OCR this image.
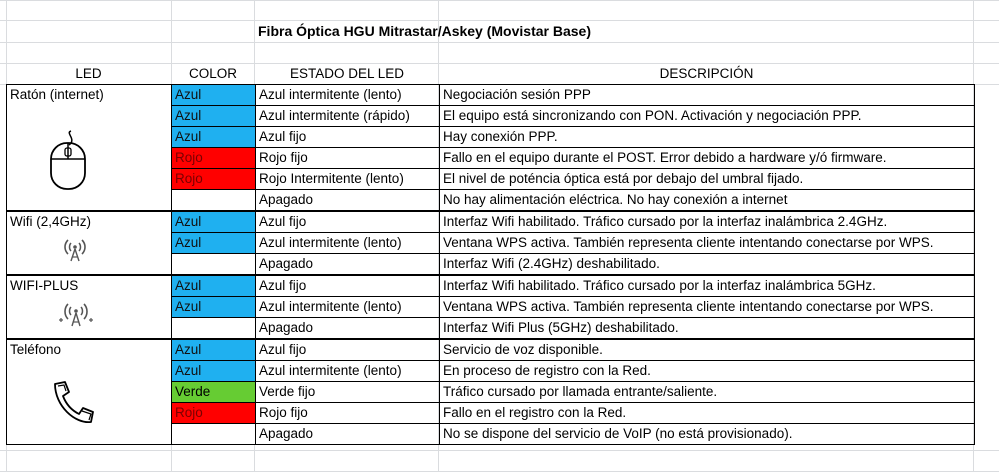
Fibra Óptica HGU Mitrastar/Askey (Movistar Base)
LED	COLOR	ESTADO DEL LED	DESCRIPCIÓN
Ratón (internet)	Azul	Azul intermitente (lento)	Negociación sesión PPP
	Azul	Azul intermitente (rápido)	El equipo está sincronizando con PON. Activación y negociación PPP.
	Azul	Azul fijo	Hay conexión PPP.
	Rojo	Rojo fijo	Fallo en el equipo durante el POST. Error debido a hardware y/ó firmware.
	Rojo	Rojo Intermitente (lento)	El nivel de poténcia óptica está por debajo del umbral fijado.
		Apagado	No hay alimentación eléctrica. No hay conexión a internet

Wifi (2,4GHz)	Azul	Azul fijo	Interfaz Wifi habilitado. Tráfico cursado por la interfaz inalámbrica 2.4GHz.
	Azul	Azul intermitente (lento)	Ventana WPS activa. También representa cliente intentando conectarse por WPS.
		Apagado	Interfaz Wifi (2.4GHz) deshabilitado.

WIFI-PLUS	Azul	Azul fijo	Interfaz Wifi habilitado. Tráfico cursado por la interfaz inalámbrica 5GHz.
	Azul	Azul intermitente (lento)	Ventana WPS activa. También representa cliente intentando conectarse por WPS.
		Apagado	Interfaz Wifi Plus (5GHz) deshabilitado.

Teléfono	Azul	Azul fijo	Servicio de voz disponible.
	Azul	Azul intermitente (lento)	En proceso de registro con la Red.
	Verde	Verde fijo	Tráfico cursado por llamada entrante/saliente.
	Rojo	Rojo fijo	Fallo en el registro con la Red.
		Apagado	No se dispone del servicio de VoIP (no está provisionado).
